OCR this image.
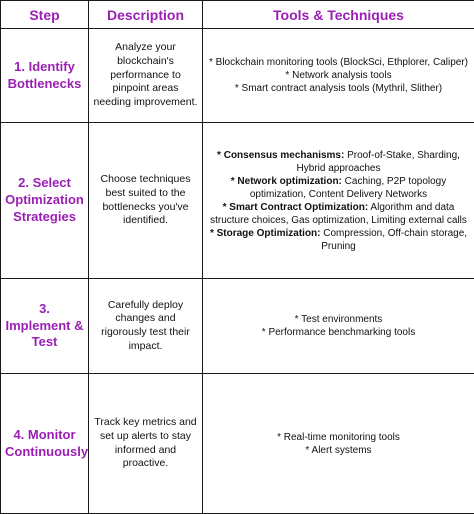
Step	Description	Tools & Techniques
1. Identify Bottlenecks	Analyze your blockchain's performance to pinpoint areas needing improvement.	* Blockchain monitoring tools (BlockSci, Ethplorer, Caliper)
* Network analysis tools
* Smart contract analysis tools (Mythril, Slither)

2. Select Optimization Strategies	Choose techniques best suited to the bottlenecks you've identified.	* Consensus mechanisms: Proof-of-Stake, Sharding, Hybrid approaches
* Network optimization: Caching, P2P topology optimization, Content Delivery Networks
* Smart Contract Optimization: Algorithm and data structure choices, Gas optimization, Limiting external calls
* Storage Optimization: Compression, Off-chain storage, Pruning

3. Implement & Test	Carefully deploy changes and rigorously test their impact.	* Test environments
* Performance benchmarking tools

4. Monitor Continuously	Track key metrics and set up alerts to stay informed and proactive.	* Real-time monitoring tools
* Alert systems
